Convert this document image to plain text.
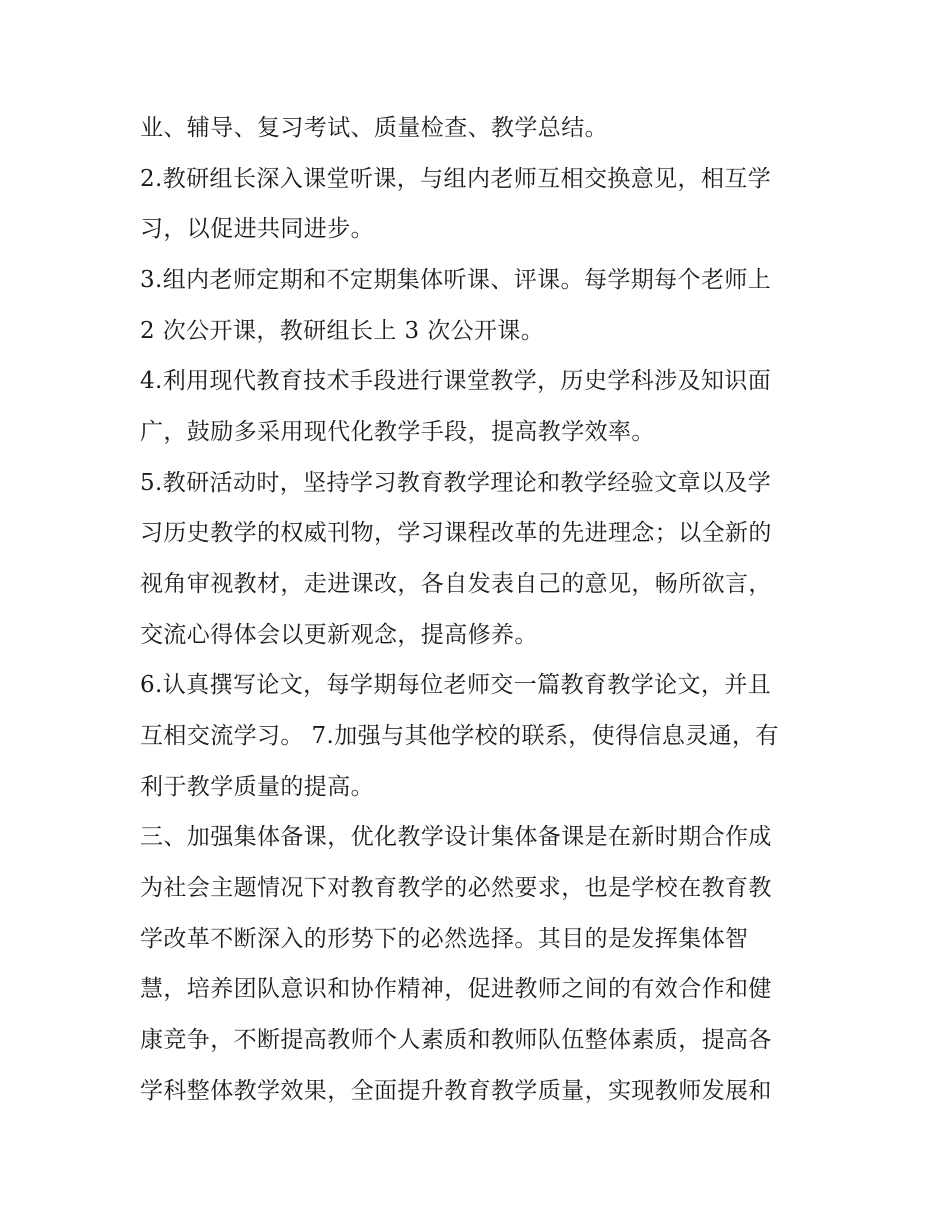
业、辅导、复习考试、质量检查、教学总结。
2.教研组长深入课堂听课，与组内老师互相交换意见，相互学
习，以促进共同进步。
3.组内老师定期和不定期集体听课、评课。每学期每个老师上
2 次公开课，教研组长上 3 次公开课。
4.利用现代教育技术手段进行课堂教学，历史学科涉及知识面
广，鼓励多采用现代化教学手段，提高教学效率。
5.教研活动时，坚持学习教育教学理论和教学经验文章以及学
习历史教学的权威刊物，学习课程改革的先进理念；以全新的
视角审视教材，走进课改，各自发表自己的意见，畅所欲言，
交流心得体会以更新观念，提高修养。
6.认真撰写论文，每学期每位老师交一篇教育教学论文，并且
互相交流学习。 7.加强与其他学校的联系，使得信息灵通，有
利于教学质量的提高。
三、加强集体备课，优化教学设计集体备课是在新时期合作成
为社会主题情况下对教育教学的必然要求，也是学校在教育教
学改革不断深入的形势下的必然选择。其目的是发挥集体智
慧，培养团队意识和协作精神，促进教师之间的有效合作和健
康竞争，不断提高教师个人素质和教师队伍整体素质，提高各
学科整体教学效果，全面提升教育教学质量，实现教师发展和
